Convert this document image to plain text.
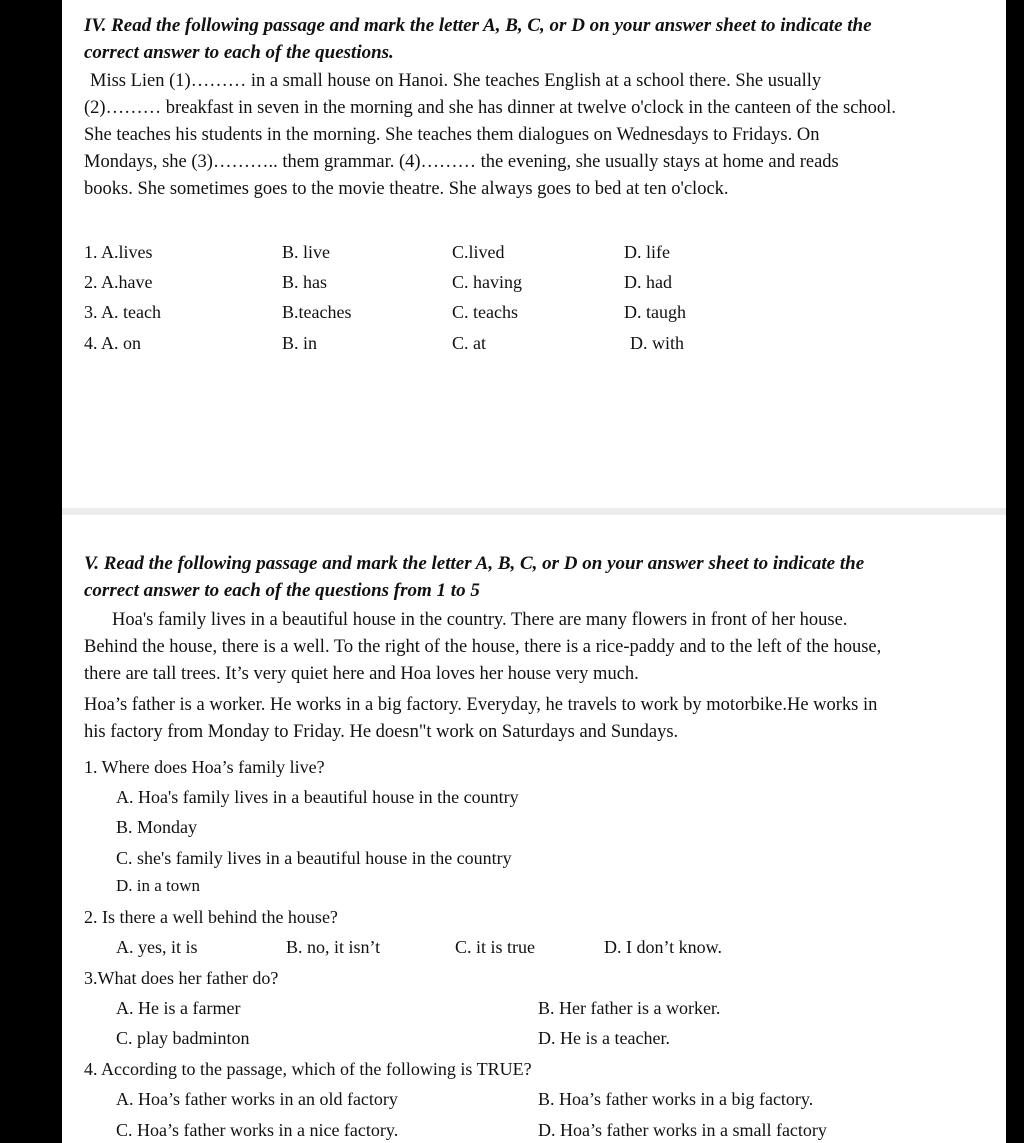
IV. Read the following passage and mark the letter A, B, C, or D on your answer sheet to indicate the
correct answer to each of the questions.

Miss Lien (1)……… in a small house on Hanoi. She teaches English at a school there. She usually

(2)……… breakfast in seven in the morning and she has dinner at twelve o'clock in the canteen of the school.

She teaches his students in the morning. She teaches them dialogues on Wednesdays to Fridays. On

Mondays, she (3)……….. them grammar. (4)……… the evening, she usually stays at home and reads

books. She sometimes goes to the movie theatre. She always goes to bed at ten o'clock.

1. A.lives	B. live	C.lived	D. life
2. A.have	B. has	C. having	D. had
3. A. teach	B.teaches	C. teachs	D. taugh
4. A. on	B. in	C. at	D. with
V. Read the following passage and mark the letter A, B, C, or D on your answer sheet to indicate the
correct answer to each of the questions from 1 to 5

Hoa's family lives in a beautiful house in the country. There are many flowers in front of her house.

Behind the house, there is a well. To the right of the house, there is a rice-paddy and to the left of the house,

there are tall trees. It’s very quiet here and Hoa loves her house very much.

Hoa’s father is a worker. He works in a big factory. Everyday, he travels to work by motorbike.He works in

his factory from Monday to Friday. He doesn"t work on Saturdays and Sundays.

1. Where does Hoa’s family live?
A. Hoa's family lives in a beautiful house in the country
B. Monday
C. she's family lives in a beautiful house in the country
D. in a town
2. Is there a well behind the house?
A. yes, it is	B. no, it isn’t	C. it is true	D. I don’t know.
3.What does her father do?
A. He is a farmer	B. Her father is a worker.
C. play badminton	D. He is a teacher.
4. According to the passage, which of the following is TRUE?
A. Hoa’s father works in an old factory	B. Hoa’s father works in a big factory.
C. Hoa’s father works in a nice factory.	D. Hoa’s father works in a small factory
